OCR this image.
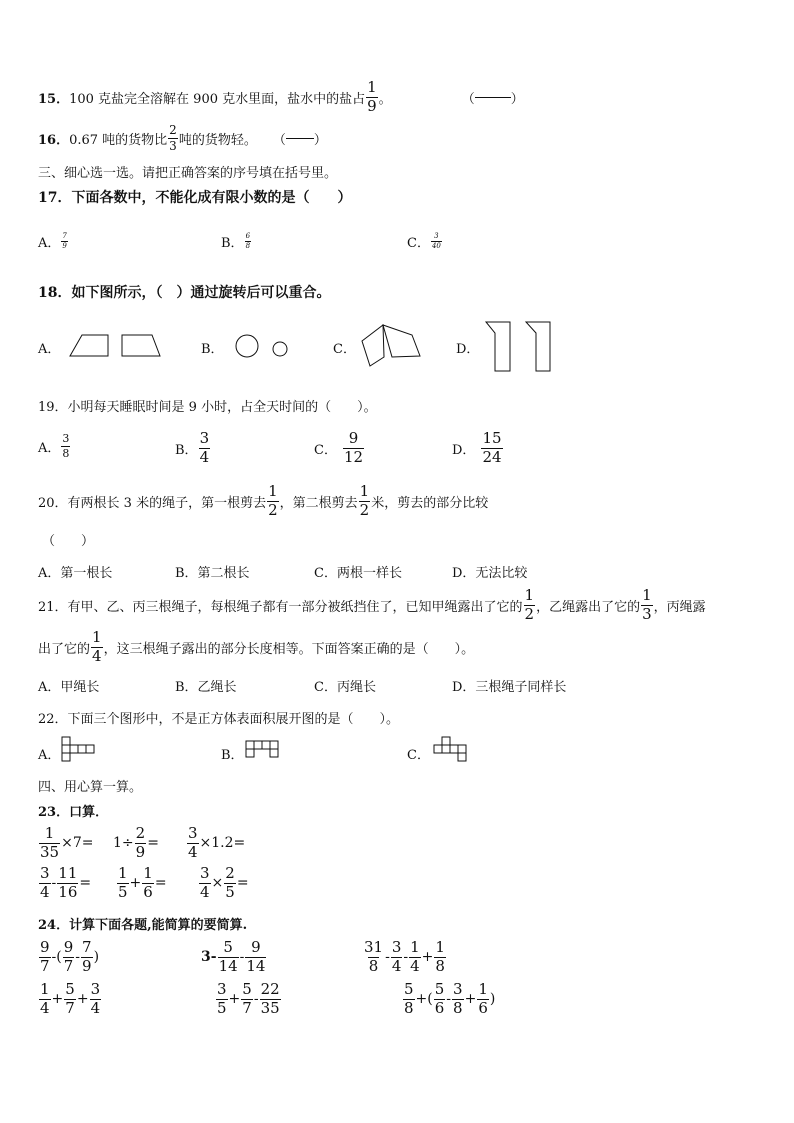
15． 100 克盐完全溶解在 900 克水里面，盐水中的盐占
1
9 。	（	）
16． 0.67 吨的货物比
2
3 吨的货物轻。 （ ）
三、细心选一选。请把正确答案的序号填在括号里。
17．下面各数中，不能化成有限小数的是（　　）
A．
7
9	B．
6
8	C．
3
40
18．如下图所示，（　）通过旋转后可以重合。
A．	B．	C．	D．
19．小明每天睡眠时间是 9 小时，占全天时间的（　　）。
A．
3
8	B．
3
4	C．
9
12	D．
15
24
20．有两根长 3 米的绳子，第一根剪去
1
2 ，第二根剪去
1
2 米，剪去的部分比较
（　　）
A．第一根长	B．第二根长	C．两根一样长	D．无法比较
21．有甲、乙、丙三根绳子，每根绳子都有一部分被纸挡住了，已知甲绳露出了它的
1
2 ，乙绳露出了它的
1
3 ，丙绳露
出了它的
1
4 ，这三根绳子露出的部分长度相等。下面答案正确的是（　　）。
A．甲绳长	B．乙绳长	C．丙绳长	D．三根绳子同样长
22．下面三个图形中，不是正方体表面积展开图的是（　　）。
A．	B．	C．
四、用心算一算。
23．口算．
$\frac{1}{35} \times 7= 1\div \frac{2}{9} = \frac{3}{4} \times 1.2=$
3
$4 - \frac{11}{16}$ =
1
$5 + \frac{1}{6} = \frac{3}{4} \times \frac{2}{5}$ =
24．计算下面各题,能简算的要简算.
9
7 -(
9
7 -
7
9 )	3-
5
14 -
9
14
31
8 -
3
4 -
1
$4 + \frac{1}{8}$
1
$4 + \frac{5}{7} + \frac{3}{4}$	3
$5 + \frac{5}{7}$ -
22
35
5
8 +(
5
6 -
3
$8 + \frac{1}{6}$ )
